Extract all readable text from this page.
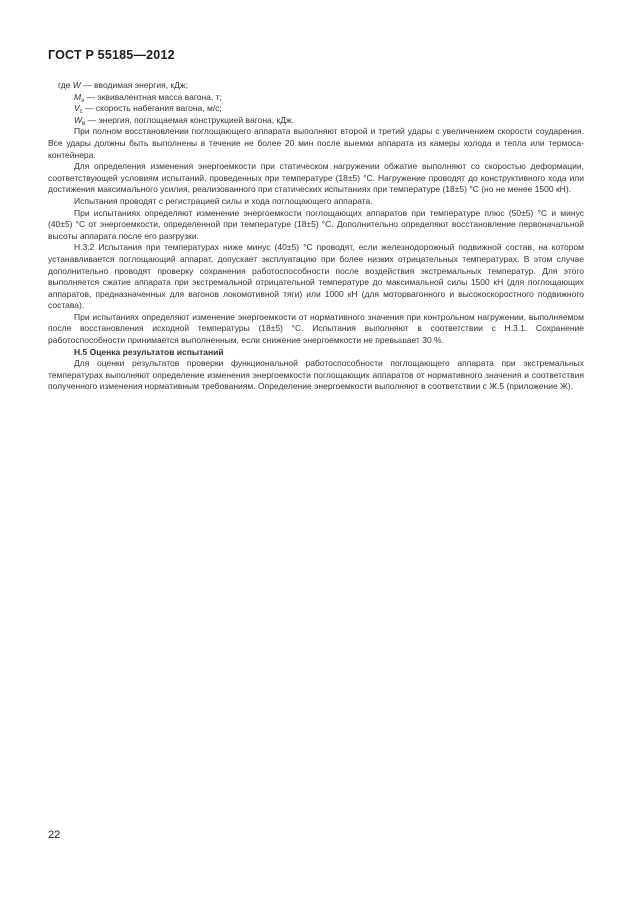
ГОСТ Р 55185—2012
где W — вводимая энергия, кДж;
$M_э$ — эквивалентная масса вагона, т;
$V_c$ — скорость набегания вагона, м/с;
$W_в$ — энергия, поглощаемая конструкцией вагона, кДж.

При полном восстановлении поглощающего аппарата выполняют второй и третий удары с увеличением скорости соударения. Все удары должны быть выполнены в течение не более 20 мин после выемки аппарата из камеры холода и тепла или термоса-контейнера.

Для определения изменения энергоемкости при статическом нагружении обжатие выполняют со скоростью деформации, соответствующей условиям испытаний, проведенных при температуре (18±5) °С. Нагружение проводят до конструктивного хода или достижения максимального усилия, реализованного при статических испытаниях при температуре (18±5) °С (но не менее 1500 кН).

Испытания проводят с регистрацией силы и хода поглощающего аппарата.

При испытаниях определяют изменение энергоемкости поглощающих аппаратов при температуре плюс (50±5) °С и минус (40±5) °С от энергоемкости, определенной при температуре (18±5) °С. Дополнительно определяют восстановление первоначальной высоты аппарата после его разгрузки.

Н.3.2 Испытания при температурах ниже минус (40±5) °С проводят, если железнодорожный подвижной состав, на котором устанавливается поглощающий аппарат, допускает эксплуатацию при более низких отрицательных температурах. В этом случае дополнительно проводят проверку сохранения работоспособности после воздействия экстремальных температур. Для этого выполняется сжатие аппарата при экстремальной отрицательной температуре до максимальной силы 1500 кН (для поглощающих аппаратов, предназначенных для вагонов локомотивной тяги) или 1000 кН (для моторвагонного и высокоскоростного подвижного состава).

При испытаниях определяют изменение энергоемкости от нормативного значения при контрольном нагружении, выполняемом после восстановления исходной температуры (18±5) °С. Испытания выполняют в соответствии с Н.3.1. Сохранение работоспособности принимается выполненным, если снижение энергоемкости не превышает 30 %.

Н.5 Оценка результатов испытаний

Для оценки результатов проверки функциональной работоспособности поглощающего аппарата при экстремальных температурах выполняют определение изменения энергоемкости поглощающих аппаратов от нормативного значения и соответствия полученного изменения нормативным требованиям. Определение энергоемкости выполняют в соответствии с Ж.5 (приложение Ж).

22
